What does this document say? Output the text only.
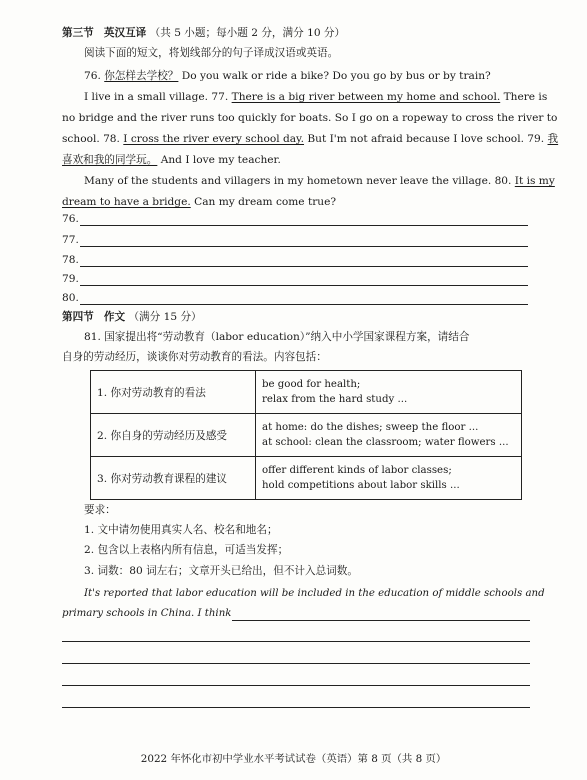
第三节 英汉互译 （共 5 小题；每小题 2 分，满分 10 分）
阅读下面的短文，将划线部分的句子译成汉语或英语。
76. 你怎样去学校？ Do you walk or ride a bike? Do you go by bus or by train?
I live in a small village. 77. There is a big river between my home and school. There is
no bridge and the river runs too quickly for boats. So I go on a ropeway to cross the river to
school. 78. I cross the river every school day. But I'm not afraid because I love school. 79. 我
喜欢和我的同学玩。 And I love my teacher.
Many of the students and villagers in my hometown never leave the village. 80. It is my
dream to have a bridge. Can my dream come true?
76.
77.
78.
79.
80.
第四节 作文 （满分 15 分）
81. 国家提出将“劳动教育（labor education）”纳入中小学国家课程方案，请结合
自身的劳动经历，谈谈你对劳动教育的看法。内容包括：
1. 你对劳动教育的看法	be good for health;
relax from the hard study ...

2. 你自身的劳动经历及感受	at home: do the dishes; sweep the floor ...
at school: clean the classroom; water flowers ...

3. 你对劳动教育课程的建议	offer different kinds of labor classes;
hold competitions about labor skills ...
要求：
1. 文中请勿使用真实人名、校名和地名；
2. 包含以上表格内所有信息，可适当发挥；
3. 词数：80 词左右；文章开头已给出，但不计入总词数。
It's reported that labor education will be included in the education of middle schools and
primary schools in China. I think
2022 年怀化市初中学业水平考试试卷（英语）第 8 页（共 8 页）
